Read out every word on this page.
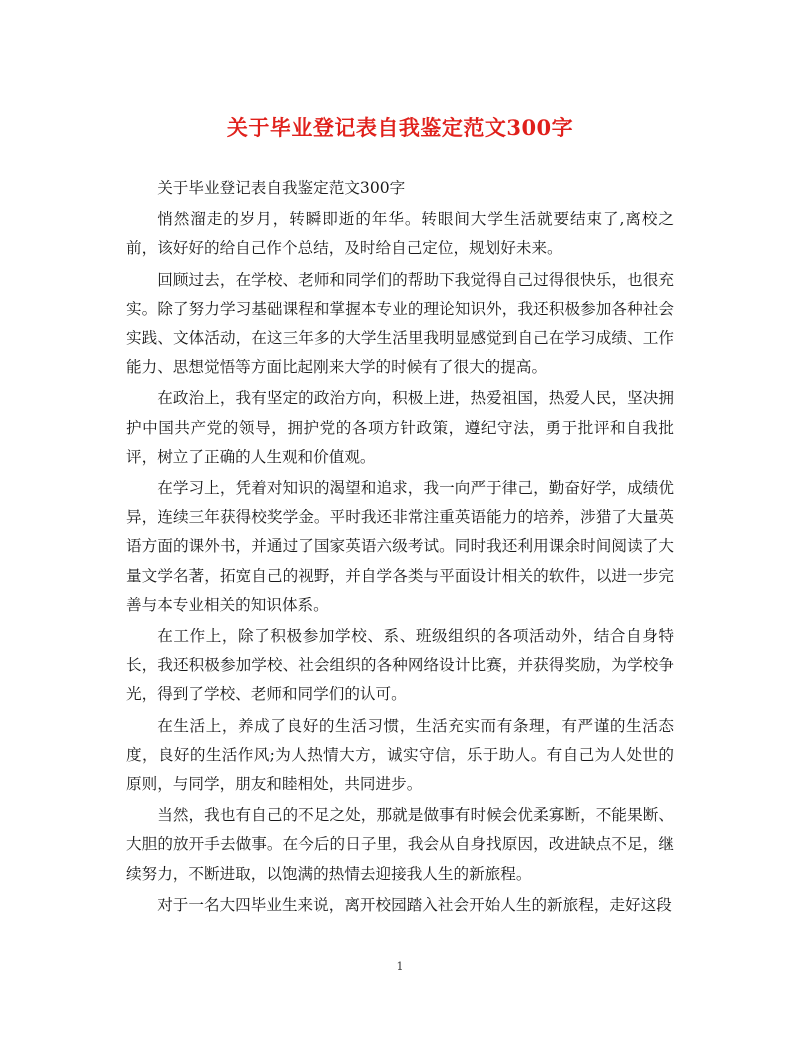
关于毕业登记表自我鉴定范文300字

关于毕业登记表自我鉴定范文300字

悄然溜走的岁月，转瞬即逝的年华。转眼间大学生活就要结束了,离校之前，该好好的给自己作个总结，及时给自己定位，规划好未来。

回顾过去，在学校、老师和同学们的帮助下我觉得自己过得很快乐，也很充实。除了努力学习基础课程和掌握本专业的理论知识外，我还积极参加各种社会实践、文体活动，在这三年多的大学生活里我明显感觉到自己在学习成绩、工作能力、思想觉悟等方面比起刚来大学的时候有了很大的提高。

在政治上，我有坚定的政治方向，积极上进，热爱祖国，热爱人民，坚决拥护中国共产党的领导，拥护党的各项方针政策，遵纪守法，勇于批评和自我批评，树立了正确的人生观和价值观。

在学习上，凭着对知识的渴望和追求，我一向严于律己，勤奋好学，成绩优异，连续三年获得校奖学金。平时我还非常注重英语能力的培养，涉猎了大量英语方面的课外书，并通过了国家英语六级考试。同时我还利用课余时间阅读了大量文学名著，拓宽自己的视野，并自学各类与平面设计相关的软件，以进一步完善与本专业相关的知识体系。

在工作上，除了积极参加学校、系、班级组织的各项活动外，结合自身特长，我还积极参加学校、社会组织的各种网络设计比赛，并获得奖励，为学校争光，得到了学校、老师和同学们的认可。

在生活上，养成了良好的生活习惯，生活充实而有条理，有严谨的生活态度，良好的生活作风;为人热情大方，诚实守信，乐于助人。有自己为人处世的原则，与同学，朋友和睦相处，共同进步。

当然，我也有自己的不足之处，那就是做事有时候会优柔寡断，不能果断、大胆的放开手去做事。在今后的日子里，我会从自身找原因，改进缺点不足，继续努力，不断进取，以饱满的热情去迎接我人生的新旅程。

对于一名大四毕业生来说，离开校园踏入社会开始人生的新旅程，走好这段

1
